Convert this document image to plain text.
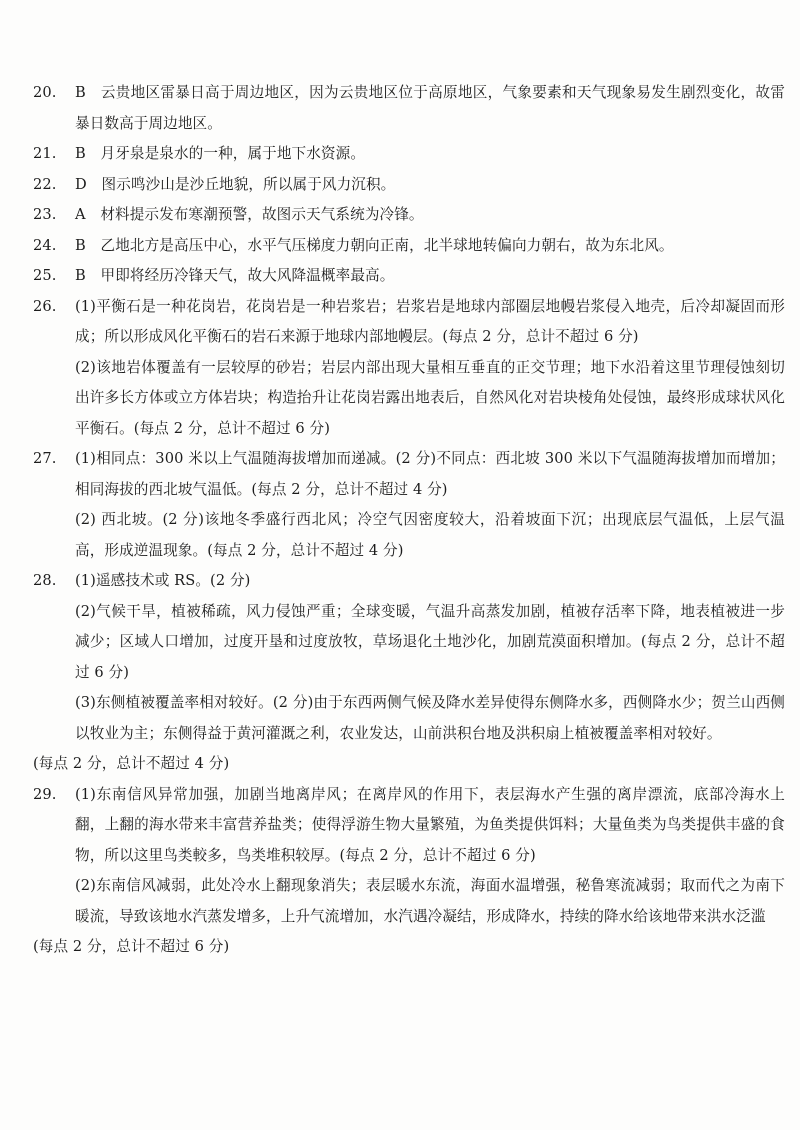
20. B　云贵地区雷暴日高于周边地区，因为云贵地区位于高原地区，气象要素和天气现象易发生剧烈变化，故雷暴日数高于周边地区。

21. B　月牙泉是泉水的一种，属于地下水资源。

22. D　图示鸣沙山是沙丘地貌，所以属于风力沉积。

23. A　材料提示发布寒潮预警，故图示天气系统为冷锋。

24. B　乙地北方是高压中心，水平气压梯度力朝向正南，北半球地转偏向力朝右，故为东北风。

25. B　甲即将经历冷锋天气，故大风降温概率最高。

26. (1)平衡石是一种花岗岩，花岗岩是一种岩浆岩；岩浆岩是地球内部圈层地幔岩浆侵入地壳，后冷却凝固而形成；所以形成风化平衡石的岩石来源于地球内部地幔层。(每点 2 分，总计不超过 6 分)

(2)该地岩体覆盖有一层较厚的砂岩；岩层内部出现大量相互垂直的正交节理；地下水沿着这里节理侵蚀刻切出许多长方体或立方体岩块；构造抬升让花岗岩露出地表后，自然风化对岩块棱角处侵蚀，最终形成球状风化平衡石。(每点 2 分，总计不超过 6 分)

27. (1)相同点：300 米以上气温随海拔增加而递减。(2 分)不同点：西北坡 300 米以下气温随海拔增加而增加；相同海拔的西北坡气温低。(每点 2 分，总计不超过 4 分)

(2) 西北坡。(2 分)该地冬季盛行西北风；冷空气因密度较大，沿着坡面下沉；出现底层气温低，上层气温高，形成逆温现象。(每点 2 分，总计不超过 4 分)

28. (1)遥感技术或 RS。(2 分)

(2)气候干旱，植被稀疏，风力侵蚀严重；全球变暖，气温升高蒸发加剧，植被存活率下降，地表植被进一步减少；区域人口增加，过度开垦和过度放牧，草场退化土地沙化，加剧荒漠面积增加。(每点 2 分，总计不超过 6 分)

(3)东侧植被覆盖率相对较好。(2 分)由于东西两侧气候及降水差异使得东侧降水多，西侧降水少；贺兰山西侧以牧业为主；东侧得益于黄河灌溉之利，农业发达，山前洪积台地及洪积扇上植被覆盖率相对较好。

(每点 2 分，总计不超过 4 分)

29. (1)东南信风异常加强，加剧当地离岸风；在离岸风的作用下，表层海水产生强的离岸漂流，底部冷海水上翻，上翻的海水带来丰富营养盐类；使得浮游生物大量繁殖，为鱼类提供饵料；大量鱼类为鸟类提供丰盛的食物，所以这里鸟类較多，鸟类堆积较厚。(每点 2 分，总计不超过 6 分)

(2)东南信风减弱，此处冷水上翻现象消失；表层暖水东流，海面水温增强，秘鲁寒流减弱；取而代之为南下暖流，导致该地水汽蒸发增多，上升气流增加，水汽遇冷凝结，形成降水，持续的降水给该地带来洪水泛滥

(每点 2 分，总计不超过 6 分)
